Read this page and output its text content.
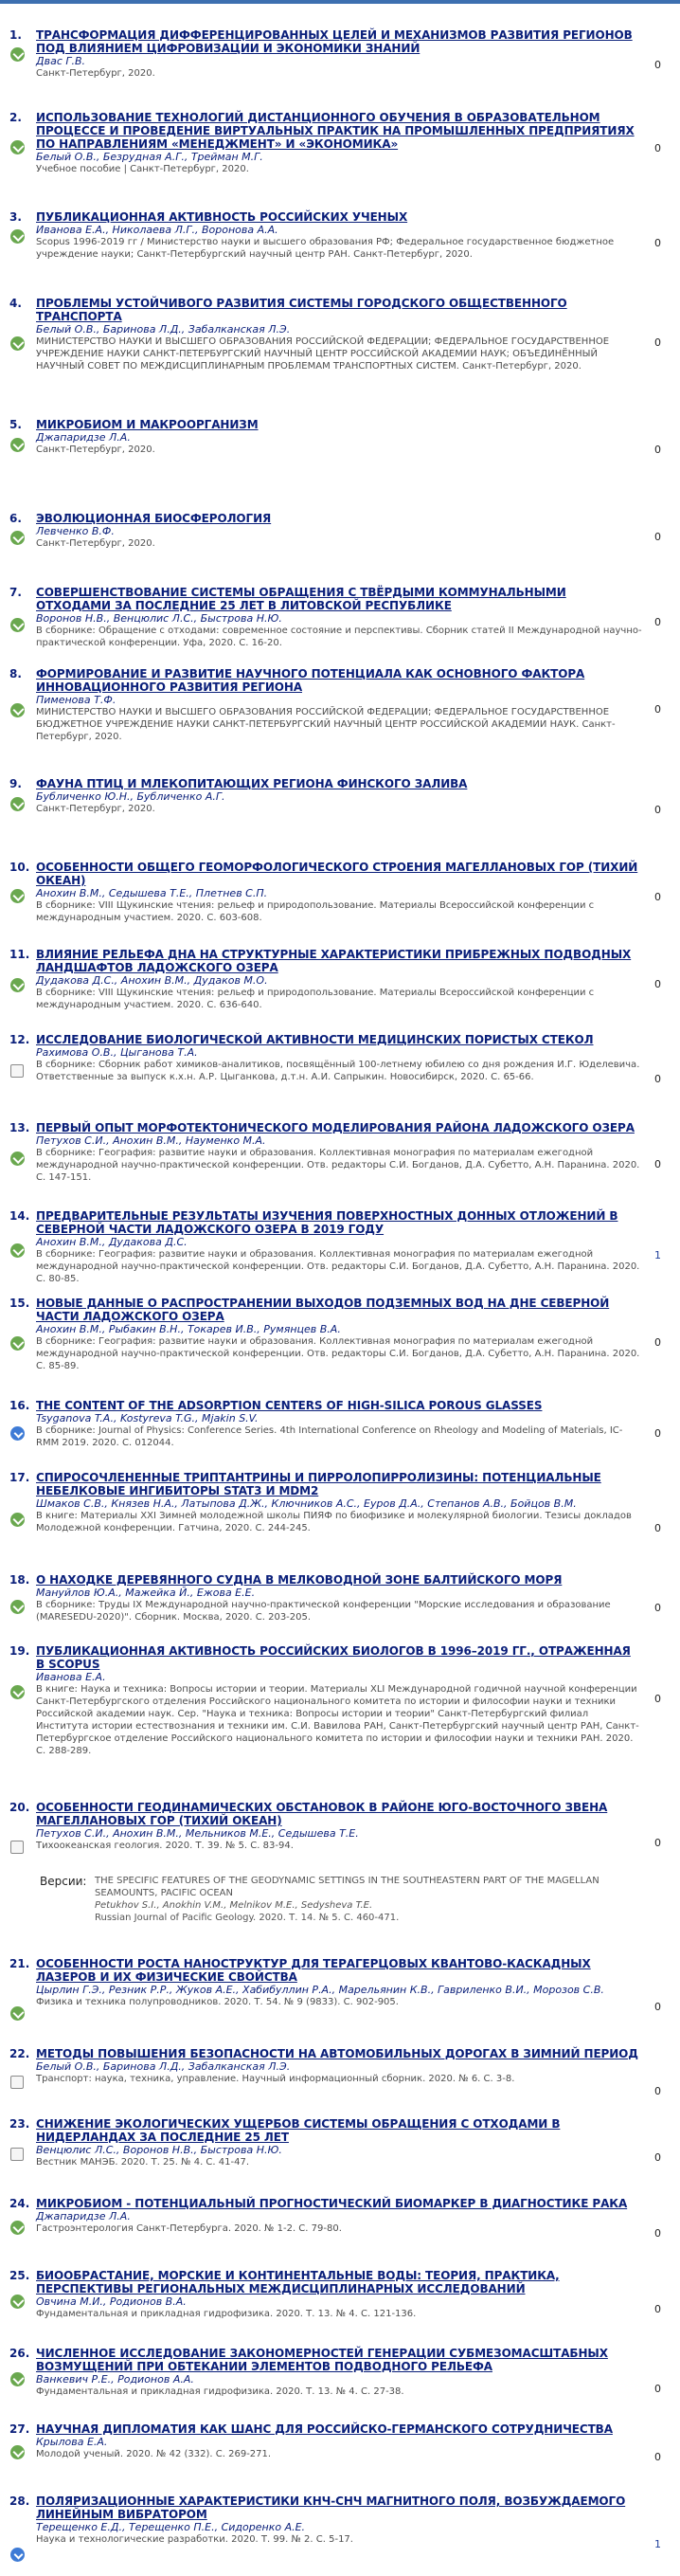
1. ТРАНСФОРМАЦИЯ ДИФФЕРЕНЦИРОВАННЫХ ЦЕЛЕЙ И МЕХАНИЗМОВ РАЗВИТИЯ РЕГИОНОВ ПОД ВЛИЯНИЕМ ЦИФРОВИЗАЦИИ И ЭКОНОМИКИ ЗНАНИЙ
Двас Г.В.
Санкт-Петербург, 2020.
0
2. ИСПОЛЬЗОВАНИЕ ТЕХНОЛОГИЙ ДИСТАНЦИОННОГО ОБУЧЕНИЯ В ОБРАЗОВАТЕЛЬНОМ ПРОЦЕССЕ И ПРОВЕДЕНИЕ ВИРТУАЛЬНЫХ ПРАКТИК НА ПРОМЫШЛЕННЫХ ПРЕДПРИЯТИЯХ ПО НАПРАВЛЕНИЯМ «МЕНЕДЖМЕНТ» И «ЭКОНОМИКА»
Белый О.В., Безрудная А.Г., Трейман М.Г.
Учебное пособие | Санкт-Петербург, 2020.
0
3. ПУБЛИКАЦИОННАЯ АКТИВНОСТЬ РОССИЙСКИХ УЧЕНЫХ
Иванова Е.А., Николаева Л.Г., Воронова А.А.
Scopus 1996-2019 гг / Министерство науки и высшего образования РФ; Федеральное государственное бюджетное учреждение науки; Санкт-Петербургский научный центр РАН. Санкт-Петербург, 2020.
0
4. ПРОБЛЕМЫ УСТОЙЧИВОГО РАЗВИТИЯ СИСТЕМЫ ГОРОДСКОГО ОБЩЕСТВЕННОГО ТРАНСПОРТА
Белый О.В., Баринова Л.Д., Забалканская Л.Э.
МИНИСТЕРСТВО НАУКИ И ВЫСШЕГО ОБРАЗОВАНИЯ РОССИЙСКОЙ ФЕДЕРАЦИИ; ФЕДЕРАЛЬНОЕ ГОСУДАРСТВЕННОЕ УЧРЕЖДЕНИЕ НАУКИ САНКТ-ПЕТЕРБУРГСКИЙ НАУЧНЫЙ ЦЕНТР РОССИЙСКОЙ АКАДЕМИИ НАУК; ОБЪЕДИНЁННЫЙ НАУЧНЫЙ СОВЕТ ПО МЕЖДИСЦИПЛИНАРНЫМ ПРОБЛЕМАМ ТРАНСПОРТНЫХ СИСТЕМ. Санкт-Петербург, 2020.
0
5. МИКРОБИОМ И МАКРООРГАНИЗМ
Джапаридзе Л.А.
Санкт-Петербург, 2020.	0
6. ЭВОЛЮЦИОННАЯ БИОСФЕРОЛОГИЯ
Левченко В.Ф.
Санкт-Петербург, 2020.
0
7. СОВЕРШЕНСТВОВАНИЕ СИСТЕМЫ ОБРАЩЕНИЯ С ТВЁРДЫМИ КОММУНАЛЬНЫМИ ОТХОДАМИ ЗА ПОСЛЕДНИЕ 25 ЛЕТ В ЛИТОВСКОЙ РЕСПУБЛИКЕ
Воронов Н.В., Венцюлис Л.С., Быстрова Н.Ю.
В сборнике: Обращение с отходами: современное состояние и перспективы. Сборник статей II Международной научно-практической конференции. Уфа, 2020. С. 16-20.
0
8. ФОРМИРОВАНИЕ И РАЗВИТИЕ НАУЧНОГО ПОТЕНЦИАЛА КАК ОСНОВНОГО ФАКТОРА ИННОВАЦИОННОГО РАЗВИТИЯ РЕГИОНА
Пименова Т.Ф.
МИНИСТЕРСТВО НАУКИ И ВЫСШЕГО ОБРАЗОВАНИЯ РОССИЙСКОЙ ФЕДЕРАЦИИ; ФЕДЕРАЛЬНОЕ ГОСУДАРСТВЕННОЕ БЮДЖЕТНОЕ УЧРЕЖДЕНИЕ НАУКИ САНКТ-ПЕТЕРБУРГСКИЙ НАУЧНЫЙ ЦЕНТР РОССИЙСКОЙ АКАДЕМИИ НАУК. Санкт-Петербург, 2020.
0
9. ФАУНА ПТИЦ И МЛЕКОПИТАЮЩИХ РЕГИОНА ФИНСКОГО ЗАЛИВА
Бубличенко Ю.Н., Бубличенко А.Г.
Санкт-Петербург, 2020.	0
10. ОСОБЕННОСТИ ОБЩЕГО ГЕОМОРФОЛОГИЧЕСКОГО СТРОЕНИЯ МАГЕЛЛАНОВЫХ ГОР (ТИХИЙ ОКЕАН)
Анохин В.М., Седышева Т.Е., Плетнев С.П.
В сборнике: VIII Щукинские чтения: рельеф и природопользование. Материалы Всероссийской конференции с международным участием. 2020. С. 603-608.
0
11. ВЛИЯНИЕ РЕЛЬЕФА ДНА НА СТРУКТУРНЫЕ ХАРАКТЕРИСТИКИ ПРИБРЕЖНЫХ ПОДВОДНЫХ ЛАНДШАФТОВ ЛАДОЖСКОГО ОЗЕРА
Дудакова Д.С., Анохин В.М., Дудаков М.О.
В сборнике: VIII Щукинские чтения: рельеф и природопользование. Материалы Всероссийской конференции с международным участием. 2020. С. 636-640.
0
12. ИССЛЕДОВАНИЕ БИОЛОГИЧЕСКОЙ АКТИВНОСТИ МЕДИЦИНСКИХ ПОРИСТЫХ СТЕКОЛ
Рахимова О.В., Цыганова Т.А.
В сборнике: Сборник работ химиков-аналитиков, посвящённый 100-летнему юбилею со дня рождения И.Г. Юделевича. Ответственные за выпуск к.х.н. А.Р. Цыганкова, д.т.н. А.И. Сапрыкин. Новосибирск, 2020. С. 65-66.	0
13. ПЕРВЫЙ ОПЫТ МОРФОТЕКТОНИЧЕСКОГО МОДЕЛИРОВАНИЯ РАЙОНА ЛАДОЖСКОГО ОЗЕРА
Петухов С.И., Анохин В.М., Науменко М.А.
В сборнике: География: развитие науки и образования. Коллективная монография по материалам ежегодной международной научно-практической конференции. Отв. редакторы С.И. Богданов, Д.А. Субетто, А.Н. Паранина. 2020. С. 147-151.
0
14. ПРЕДВАРИТЕЛЬНЫЕ РЕЗУЛЬТАТЫ ИЗУЧЕНИЯ ПОВЕРХНОСТНЫХ ДОННЫХ ОТЛОЖЕНИЙ В СЕВЕРНОЙ ЧАСТИ ЛАДОЖСКОГО ОЗЕРА В 2019 ГОДУ
Анохин В.М., Дудакова Д.С.
В сборнике: География: развитие науки и образования. Коллективная монография по материалам ежегодной международной научно-практической конференции. Отв. редакторы С.И. Богданов, Д.А. Субетто, А.Н. Паранина. 2020. С. 80-85.
1
15. НОВЫЕ ДАННЫЕ О РАСПРОСТРАНЕНИИ ВЫХОДОВ ПОДЗЕМНЫХ ВОД НА ДНЕ СЕВЕРНОЙ ЧАСТИ ЛАДОЖСКОГО ОЗЕРА
Анохин В.М., Рыбакин В.Н., Токарев И.В., Румянцев В.А.
В сборнике: География: развитие науки и образования. Коллективная монография по материалам ежегодной международной научно-практической конференции. Отв. редакторы С.И. Богданов, Д.А. Субетто, А.Н. Паранина. 2020. С. 85-89.
0
16. THE CONTENT OF THE ADSORPTION CENTERS OF HIGH-SILICA POROUS GLASSES
Tsyganova T.A., Kostyreva T.G., Mjakin S.V.
В сборнике: Journal of Physics: Conference Series. 4th International Conference on Rheology and Modeling of Materials, IC-RMM 2019. 2020. С. 012044.
0
17. СПИРОСОЧЛЕНЕННЫЕ ТРИПТАНТРИНЫ И ПИРРОЛОПИРРОЛИЗИНЫ: ПОТЕНЦИАЛЬНЫЕ НЕБЕЛКОВЫЕ ИНГИБИТОРЫ STAT3 И MDM2
Шмаков С.В., Князев Н.А., Латыпова Д.Ж., Ключников А.С., Еуров Д.А., Степанов А.В., Бойцов В.М.
В книге: Материалы XXI Зимней молодежной школы ПИЯФ по биофизике и молекулярной биологии. Тезисы докладов Молодежной конференции. Гатчина, 2020. С. 244-245.	0
18. О НАХОДКЕ ДЕРЕВЯННОГО СУДНА В МЕЛКОВОДНОЙ ЗОНЕ БАЛТИЙСКОГО МОРЯ
Мануйлов Ю.А., Мажейка Й., Ежова Е.Е.
В сборнике: Труды IX Международной научно-практической конференции "Морские исследования и образование (MARESEDU-2020)". Сборник. Москва, 2020. С. 203-205.
0
19. ПУБЛИКАЦИОННАЯ АКТИВНОСТЬ РОССИЙСКИХ БИОЛОГОВ В 1996–2019 ГГ., ОТРАЖЕННАЯ В SCOPUS
Иванова Е.А.
В книге: Наука и техника: Вопросы истории и теории. Материалы XLI Международной годичной научной конференции Санкт-Петербургского отделения Российского национального комитета по истории и философии науки и техники Российской академии наук. Сер. "Наука и техника: Вопросы истории и теории" Санкт-Петербургский филиал Института истории естествознания и техники им. С.И. Вавилова РАН, Санкт-Петербургский научный центр РАН, Санкт-Петербургское отделение Российского национального комитета по истории и философии науки и техники РАН. 2020. С. 288-289.
0
20. ОСОБЕННОСТИ ГЕОДИНАМИЧЕСКИХ ОБСТАНОВОК В РАЙОНЕ ЮГО-ВОСТОЧНОГО ЗВЕНА МАГЕЛЛАНОВЫХ ГОР (ТИХИЙ ОКЕАН)
Петухов С.И., Анохин В.М., Мельников М.Е., Седышева Т.Е.
Тихоокеанская геология. 2020. Т. 39. № 5. С. 83-94.	0
21. ОСОБЕННОСТИ РОСТА НАНОСТРУКТУР ДЛЯ ТЕРАГЕРЦОВЫХ КВАНТОВО-КАСКАДНЫХ ЛАЗЕРОВ И ИХ ФИЗИЧЕСКИЕ СВОЙСТВА
Цырлин Г.Э., Резник Р.Р., Жуков А.Е., Хабибуллин Р.А., Марельянин К.В., Гавриленко В.И., Морозов С.В.
Физика и техника полупроводников. 2020. Т. 54. № 9 (9833). С. 902-905.	0
22. МЕТОДЫ ПОВЫШЕНИЯ БЕЗОПАСНОСТИ НА АВТОМОБИЛЬНЫХ ДОРОГАХ В ЗИМНИЙ ПЕРИОД
Белый О.В., Баринова Л.Д., Забалканская Л.Э.
Транспорт: наука, техника, управление. Научный информационный сборник. 2020. № 6. С. 3-8.
0
23. СНИЖЕНИЕ ЭКОЛОГИЧЕСКИХ УЩЕРБОВ СИСТЕМЫ ОБРАЩЕНИЯ С ОТХОДАМИ В НИДЕРЛАНДАХ ЗА ПОСЛЕДНИЕ 25 ЛЕТ
Венцюлис Л.С., Воронов Н.В., Быстрова Н.Ю.
Вестник МАНЭБ. 2020. Т. 25. № 4. С. 41-47.	0
24. МИКРОБИОМ - ПОТЕНЦИАЛЬНЫЙ ПРОГНОСТИЧЕСКИЙ БИОМАРКЕР В ДИАГНОСТИКЕ РАКА
Джапаридзе Л.А.
Гастроэнтерология Санкт-Петербурга. 2020. № 1-2. С. 79-80.	0
25. БИООБРАСТАНИЕ, МОРСКИЕ И КОНТИНЕНТАЛЬНЫЕ ВОДЫ: ТЕОРИЯ, ПРАКТИКА, ПЕРСПЕКТИВЫ РЕГИОНАЛЬНЫХ МЕЖДИСЦИПЛИНАРНЫХ ИССЛЕДОВАНИЙ
Овчина М.И., Родионов В.А.
Фундаментальная и прикладная гидрофизика. 2020. Т. 13. № 4. С. 121-136.	0
26. ЧИСЛЕННОЕ ИССЛЕДОВАНИЕ ЗАКОНОМЕРНОСТЕЙ ГЕНЕРАЦИИ СУБМЕЗОМАСШТАБНЫХ ВОЗМУЩЕНИЙ ПРИ ОБТЕКАНИИ ЭЛЕМЕНТОВ ПОДВОДНОГО РЕЛЬЕФА
Ванкевич Р.Е., Родионов А.А.
Фундаментальная и прикладная гидрофизика. 2020. Т. 13. № 4. С. 27-38.	0
27. НАУЧНАЯ ДИПЛОМАТИЯ КАК ШАНС ДЛЯ РОССИЙСКО-ГЕРМАНСКОГО СОТРУДНИЧЕСТВА
Крылова Е.А.
Молодой ученый. 2020. № 42 (332). С. 269-271.	0
28. ПОЛЯРИЗАЦИОННЫЕ ХАРАКТЕРИСТИКИ КНЧ-СНЧ МАГНИТНОГО ПОЛЯ, ВОЗБУЖДАЕМОГО ЛИНЕЙНЫМ ВИБРАТОРОМ
Терещенко Е.Д., Терещенко П.Е., Сидоренко А.Е.
Наука и технологические разработки. 2020. Т. 99. № 2. С. 5-17.	1
Версии: THE SPECIFIC FEATURES OF THE GEODYNAMIC SETTINGS IN THE SOUTHEASTERN PART OF THE MAGELLAN SEAMOUNTS, PACIFIC OCEAN
Petukhov S.I., Anokhin V.M., Melnikov M.E., Sedysheva T.E.
Russian Journal of Pacific Geology. 2020. Т. 14. № 5. С. 460-471.
